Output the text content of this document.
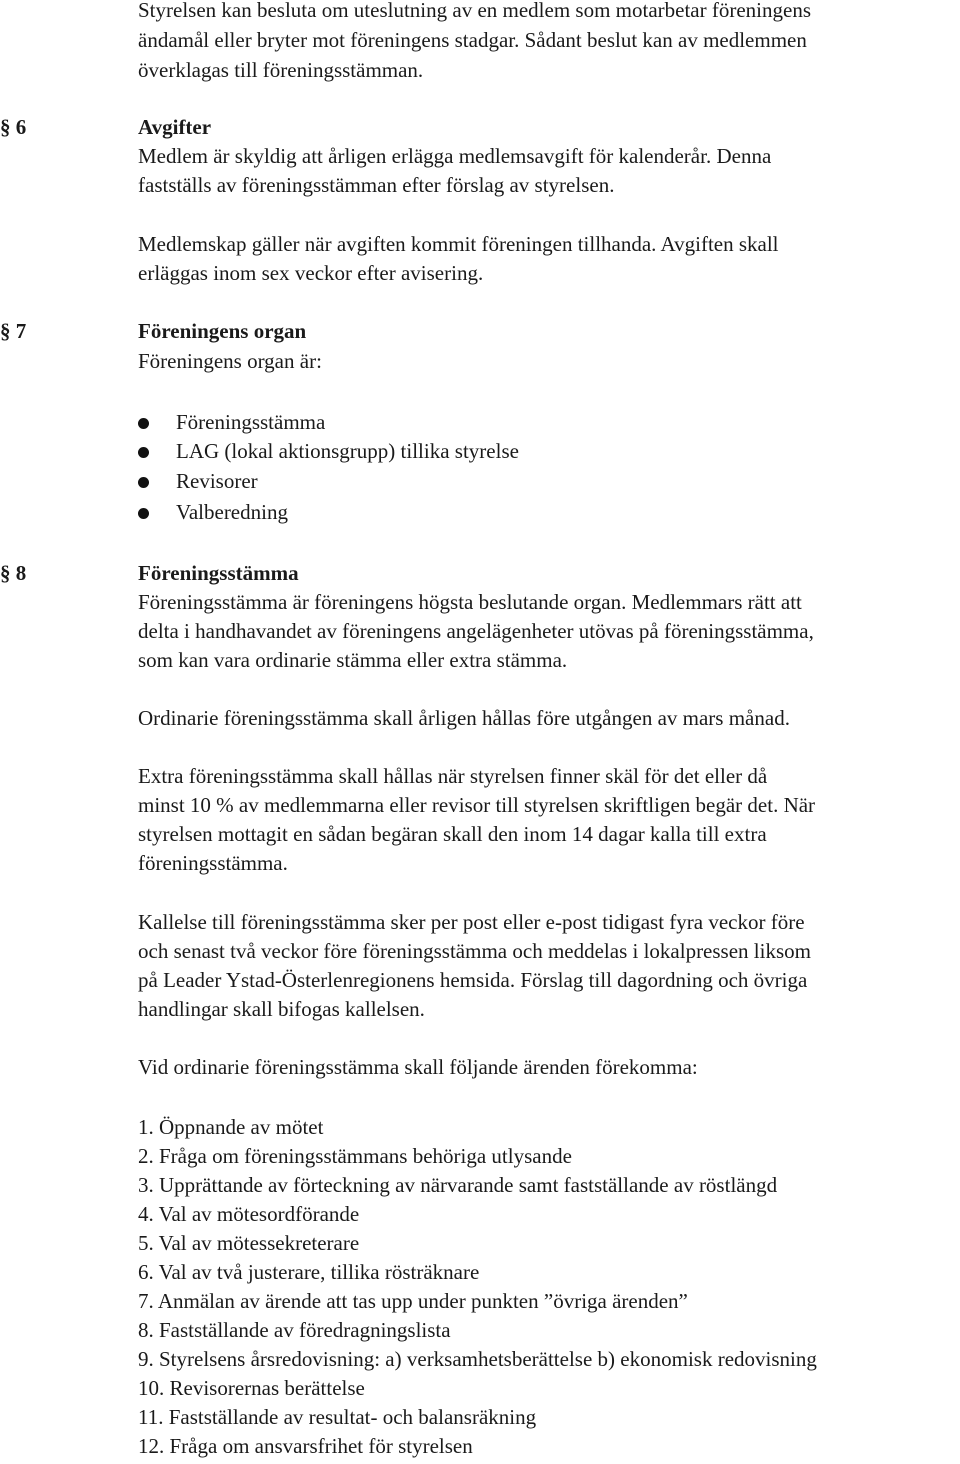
Styrelsen kan besluta om uteslutning av en medlem som motarbetar föreningens
ändamål eller bryter mot föreningens stadgar. Sådant beslut kan av medlemmen
överklagas till föreningsstämman.
§ 6	Avgifter
Medlem är skyldig att årligen erlägga medlemsavgift för kalenderår. Denna
fastställs av föreningsstämman efter förslag av styrelsen.
Medlemskap gäller när avgiften kommit föreningen tillhanda. Avgiften skall
erläggas inom sex veckor efter avisering.
§ 7	Föreningens organ
Föreningens organ är:
Föreningsstämma
LAG (lokal aktionsgrupp) tillika styrelse
Revisorer
Valberedning
§ 8	Föreningsstämma
Föreningsstämma är föreningens högsta beslutande organ. Medlemmars rätt att
delta i handhavandet av föreningens angelägenheter utövas på föreningsstämma,
som kan vara ordinarie stämma eller extra stämma.
Ordinarie föreningsstämma skall årligen hållas före utgången av mars månad.
Extra föreningsstämma skall hållas när styrelsen finner skäl för det eller då
minst 10 % av medlemmarna eller revisor till styrelsen skriftligen begär det. När
styrelsen mottagit en sådan begäran skall den inom 14 dagar kalla till extra
föreningsstämma.
Kallelse till föreningsstämma sker per post eller e-post tidigast fyra veckor före
och senast två veckor före föreningsstämma och meddelas i lokalpressen liksom
på Leader Ystad-Österlenregionens hemsida. Förslag till dagordning och övriga
handlingar skall bifogas kallelsen.
Vid ordinarie föreningsstämma skall följande ärenden förekomma:
1. Öppnande av mötet
2. Fråga om föreningsstämmans behöriga utlysande
3. Upprättande av förteckning av närvarande samt fastställande av röstlängd
4. Val av mötesordförande
5. Val av mötessekreterare
6. Val av två justerare, tillika rösträknare
7. Anmälan av ärende att tas upp under punkten ”övriga ärenden”
8. Fastställande av föredragningslista
9. Styrelsens årsredovisning: a) verksamhetsberättelse b) ekonomisk redovisning
10. Revisorernas berättelse
11. Fastställande av resultat- och balansräkning
12. Fråga om ansvarsfrihet för styrelsen
